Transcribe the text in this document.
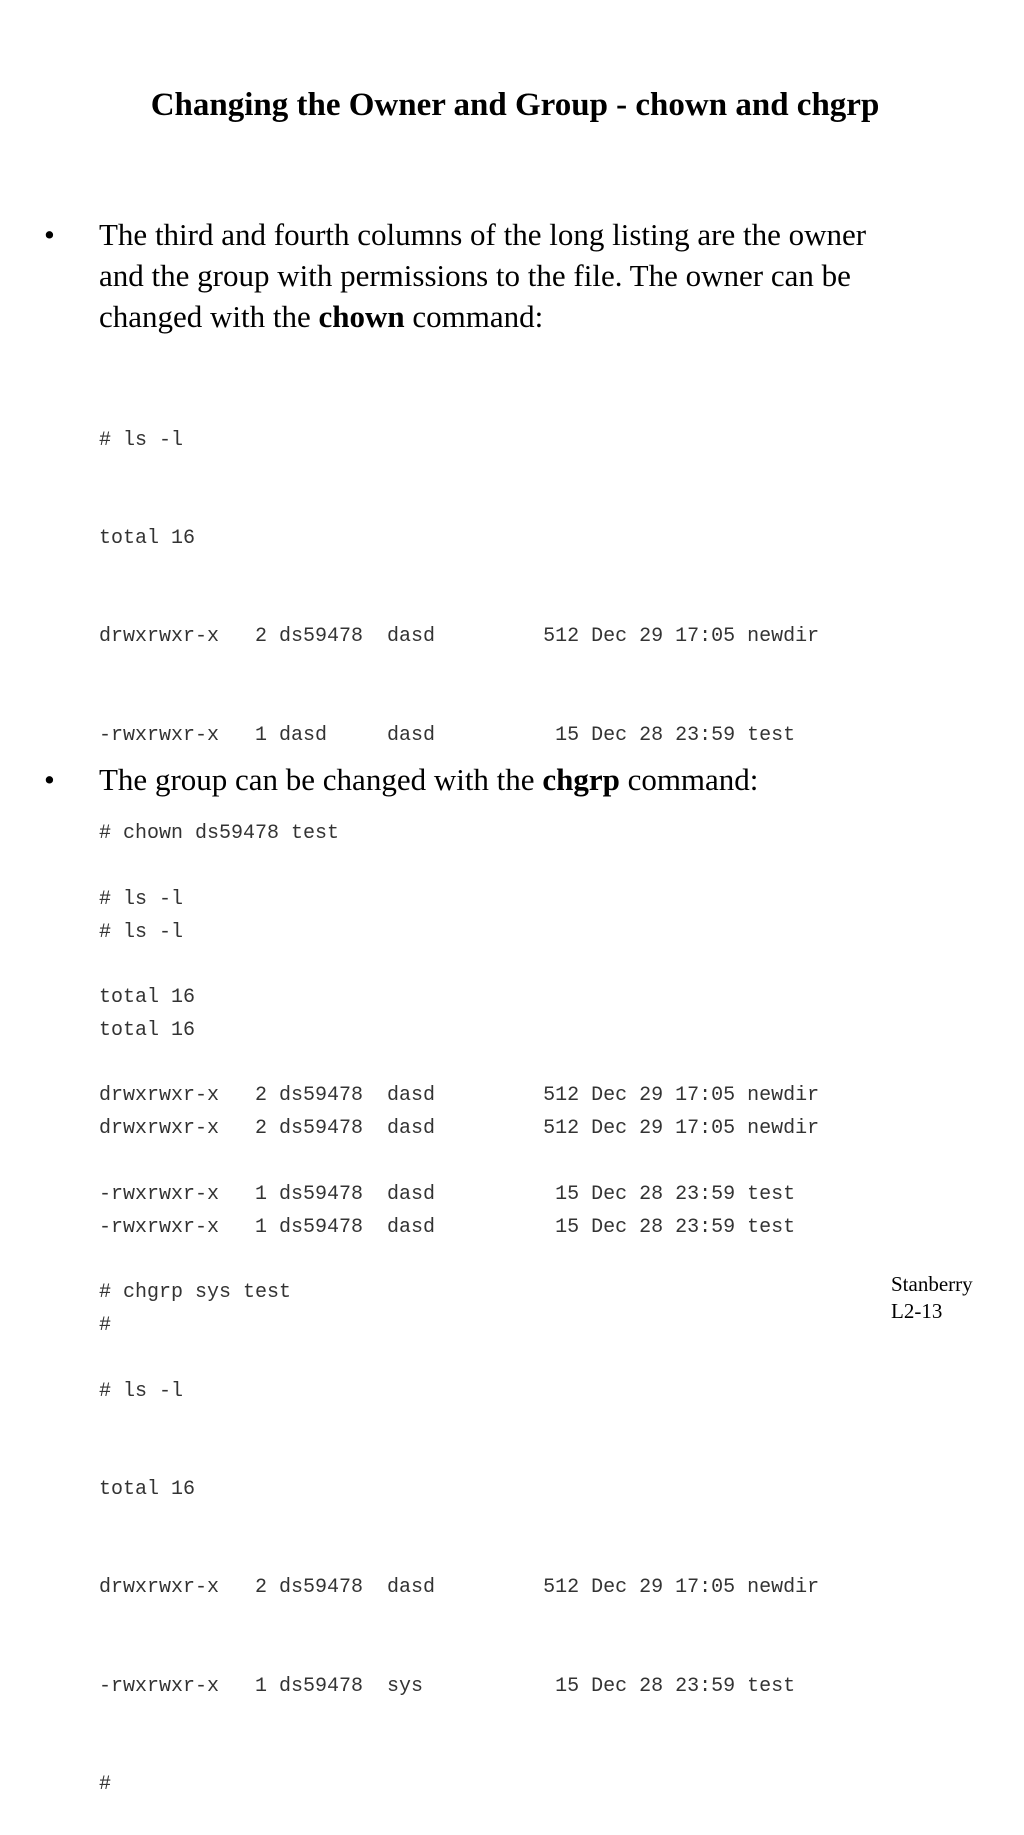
Changing the Owner and Group - chown and chgrp
• The third and fourth columns of the long listing are the owner
and the group with permissions to the file. The owner can be
changed with the chown command:

# ls -l

total 16

drwxrwxr-x   2 ds59478  dasd         512 Dec 29 17:05 newdir

-rwxrwxr-x   1 dasd     dasd          15 Dec 28 23:59 test

# chown ds59478 test

# ls -l

total 16

drwxrwxr-x   2 ds59478  dasd         512 Dec 29 17:05 newdir

-rwxrwxr-x   1 ds59478  dasd          15 Dec 28 23:59 test

#

• The group can be changed with the chgrp command:

# ls -l

total 16

drwxrwxr-x   2 ds59478  dasd         512 Dec 29 17:05 newdir

-rwxrwxr-x   1 ds59478  dasd          15 Dec 28 23:59 test

# chgrp sys test

# ls -l

total 16

drwxrwxr-x   2 ds59478  dasd         512 Dec 29 17:05 newdir

-rwxrwxr-x   1 ds59478  sys           15 Dec 28 23:59 test

#

Stanberry
L2-13
